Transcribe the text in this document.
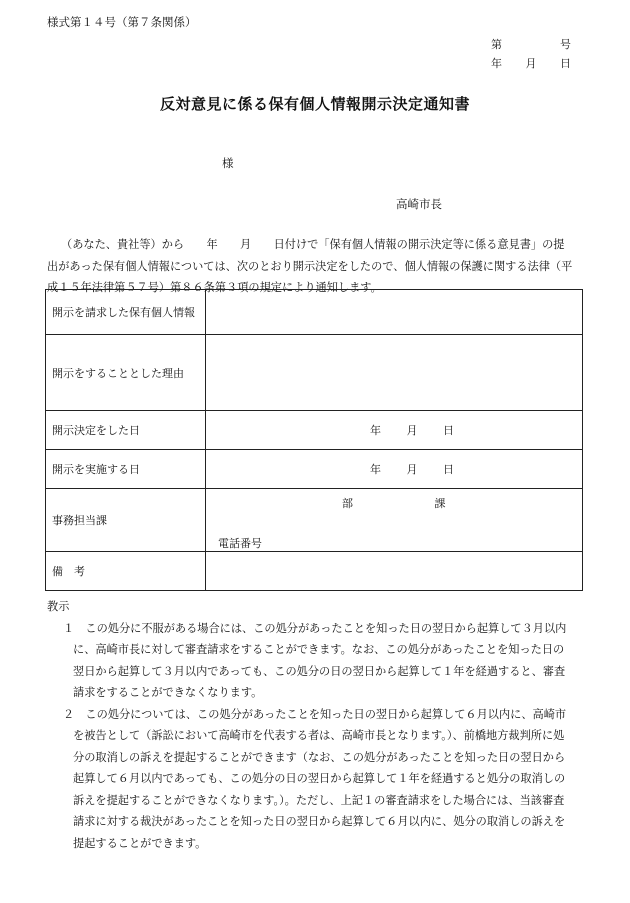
様式第１４号（第７条関係）
第	号
年 月 日
反対意見に係る保有個人情報開示決定通知書
様
高崎市長
（あなた、貴社等）から　　年　　月　　日付けで「保有個人情報の開示決定等に係る意見書」の提
出があった保有個人情報については、次のとおり開示決定をしたので、個人情報の保護に関する法律（平
成１５年法律第５７号）第８６条第３項の規定により通知します。
開示を請求した保有個人情報	
開示をすることとした理由	
開示決定をした日	年 月 日
開示を実施する日	年 月 日
事務担当課	部 課
電話番号

備　考	
教示
１　この処分に不服がある場合には、この処分があったことを知った日の翌日から起算して３月以内
に、高崎市長に対して審査請求をすることができます。なお、この処分があったことを知った日の
翌日から起算して３月以内であっても、この処分の日の翌日から起算して１年を経過すると、審査
請求をすることができなくなります。
２　この処分については、この処分があったことを知った日の翌日から起算して６月以内に、高崎市
を被告として（訴訟において高崎市を代表する者は、高崎市長となります。）、前橋地方裁判所に処
分の取消しの訴えを提起することができます（なお、この処分があったことを知った日の翌日から
起算して６月以内であっても、この処分の日の翌日から起算して１年を経過すると処分の取消しの
訴えを提起することができなくなります。）。ただし、上記１の審査請求をした場合には、当該審査
請求に対する裁決があったことを知った日の翌日から起算して６月以内に、処分の取消しの訴えを
提起することができます。
